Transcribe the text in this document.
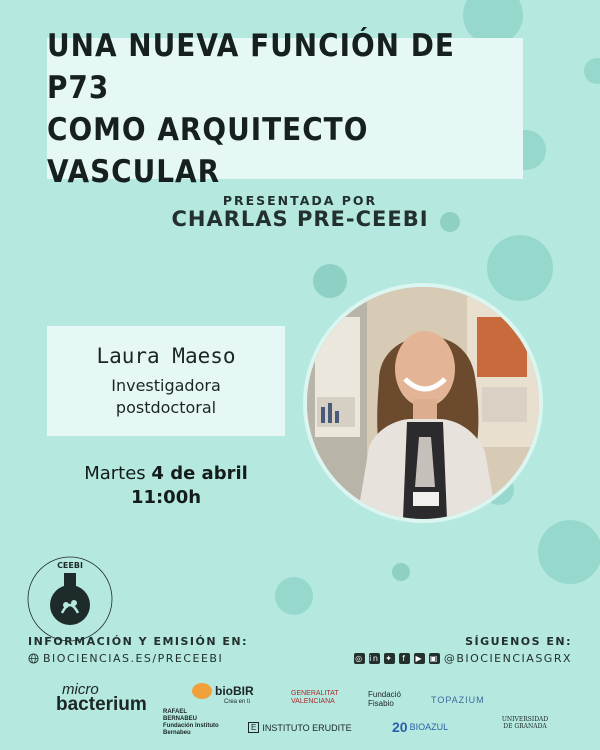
UNA NUEVA FUNCIÓN DE P73
COMO ARQUITECTO VASCULAR
PRESENTADA POR
CHARLAS PRE-CEEBI
Laura Maeso
Investigadora
postdoctoral
Martes 4 de abril
11:00h
CEEBI
INFORMACIÓN Y EMISIÓN EN:
BIOCIENCIAS.ES/PRECEEBI
SÍGUENOS EN:
◎ in ✦	f	▶ ▣ @BIOCIENCIASGRX
micro
bacterium
bioBIR
Crea en ti
RAFAEL BERNABEU Fundación Instituto Bernabeu
GENERALITAT VALENCIANA
Fundació Fisabio	TOPAZIUM
UNIVERSIDAD DE GRANADA
E INSTITUTO ERUDITE	20 BIOAZUL
